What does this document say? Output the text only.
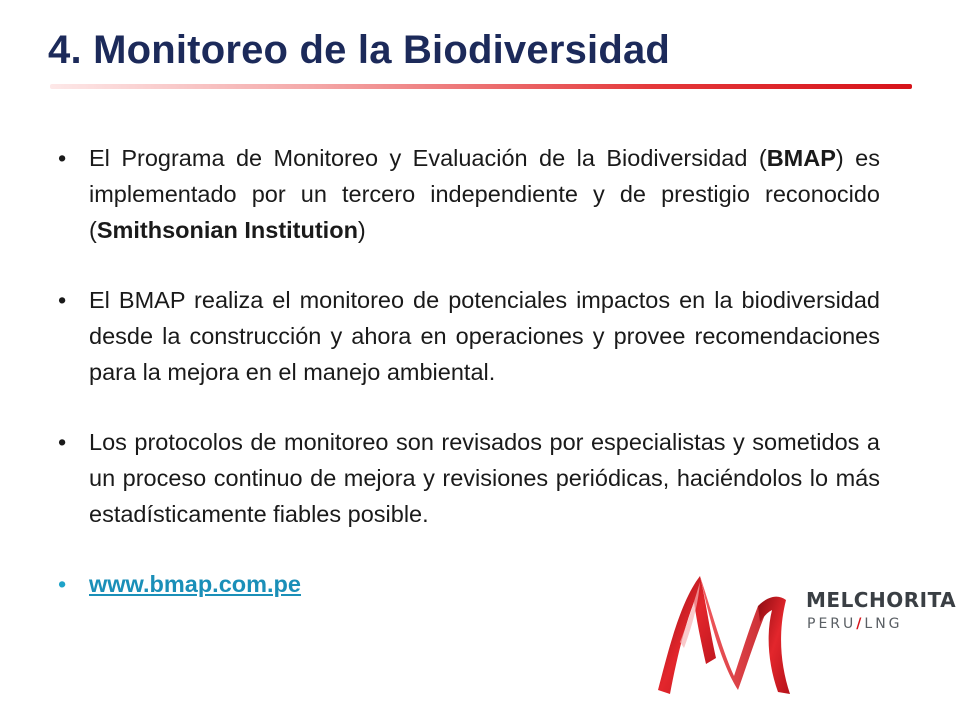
4. Monitoreo de la Biodiversidad
• El Programa de Monitoreo y Evaluación de la Biodiversidad (BMAP) es implementado por un tercero independiente y de prestigio reconocido (Smithsonian Institution)
• El BMAP realiza el monitoreo de potenciales impactos en la biodiversidad desde la construcción y ahora en operaciones y provee recomendaciones para la mejora en el manejo ambiental.
• Los protocolos de monitoreo son revisados por especialistas y sometidos a un proceso continuo de mejora y revisiones periódicas, haciéndolos lo más estadísticamente fiables posible.
• www.bmap.com.pe
MELCHORITA
PERU/LNG
